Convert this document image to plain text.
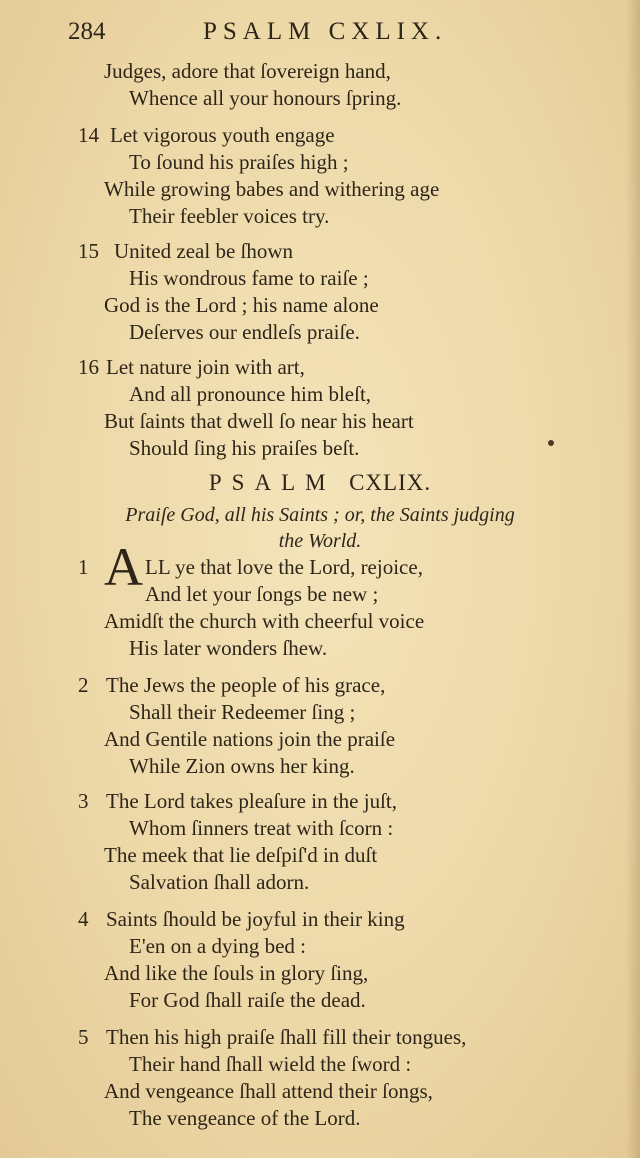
284	PSALM CXLIX.
Judges, adore that ſovereign hand,
Whence all your honours ſpring.
14 Let vigorous youth engage
To ſound his praiſes high ;
While growing babes and withering age
Their feebler voices try.
15 United zeal be ſhown
His wondrous fame to raiſe ;
God is the Lord ; his name alone
Deſerves our endleſs praiſe.
16 Let nature join with art,
And all pronounce him bleſt,
But ſaints that dwell ſo near his heart
Should ſing his praiſes beſt.
PSALM CXLIX.
Praiſe God, all his Saints ; or, the Saints judging
the World.
1 A LL ye that love the Lord, rejoice,
And let your ſongs be new ;
Amidſt the church with cheerful voice
His later wonders ſhew.
2 The Jews the people of his grace,
Shall their Redeemer ſing ;
And Gentile nations join the praiſe
While Zion owns her king.
3 The Lord takes pleaſure in the juſt,
Whom ſinners treat with ſcorn :
The meek that lie deſpiſ'd in duſt
Salvation ſhall adorn.
4 Saints ſhould be joyful in their king
E'en on a dying bed :
And like the ſouls in glory ſing,
For God ſhall raiſe the dead.
5 Then his high praiſe ſhall fill their tongues,
Their hand ſhall wield the ſword :
And vengeance ſhall attend their ſongs,
The vengeance of the Lord.
